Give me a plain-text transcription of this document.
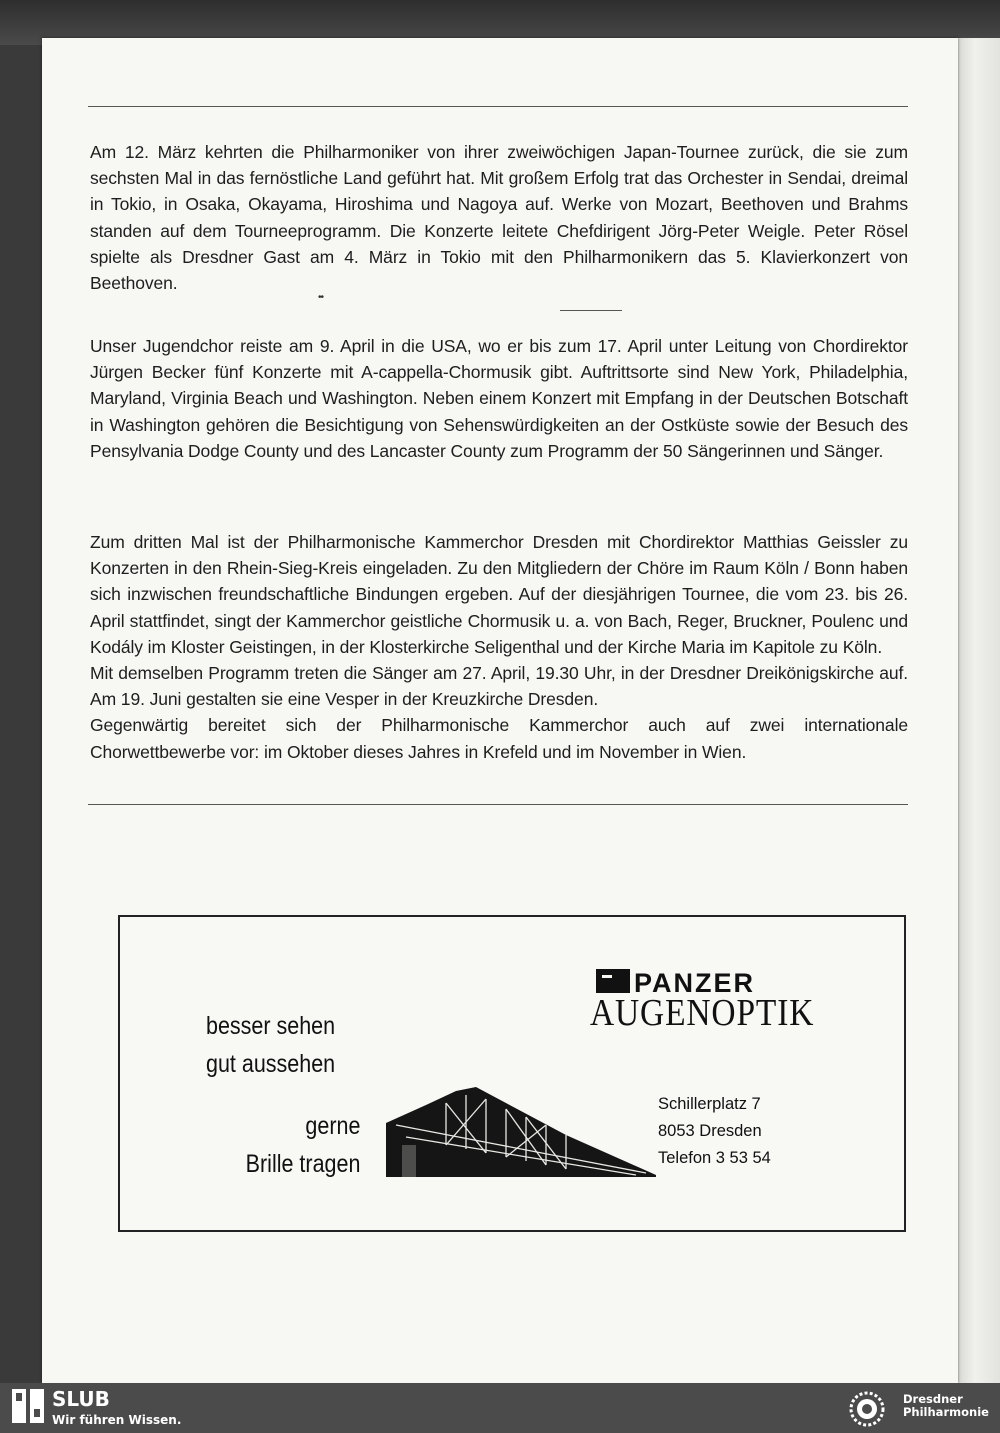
Am 12. März kehrten die Philharmoniker von ihrer zweiwöchigen Japan-Tournee zurück, die sie zum sechsten Mal in das fernöstliche Land geführt hat. Mit großem Erfolg trat das Orchester in Sendai, dreimal in Tokio, in Osaka, Okayama, Hiroshima und Nagoya auf. Werke von Mozart, Beethoven und Brahms standen auf dem Tourneeprogramm. Die Konzerte leitete Chefdirigent Jörg-Peter Weigle. Peter Rösel spielte als Dresdner Gast am 4. März in Tokio mit den Philharmonikern das 5. Klavierkonzert von Beethoven.

••

Unser Jugendchor reiste am 9. April in die USA, wo er bis zum 17. April unter Leitung von Chordirektor Jürgen Becker fünf Konzerte mit A-cappella-Chormusik gibt. Auftrittsorte sind New York, Philadelphia, Maryland, Virginia Beach und Washington. Neben einem Konzert mit Empfang in der Deutschen Botschaft in Washington gehören die Besichtigung von Sehenswürdigkeiten an der Ostküste sowie der Besuch des Pensylvania Dodge County und des Lancaster County zum Programm der 50 Sängerinnen und Sänger.

Zum dritten Mal ist der Philharmonische Kammerchor Dresden mit Chordirektor Matthias Geissler zu Konzerten in den Rhein-Sieg-Kreis eingeladen. Zu den Mitgliedern der Chöre im Raum Köln / Bonn haben sich inzwischen freundschaftliche Bindungen ergeben. Auf der diesjährigen Tournee, die vom 23. bis 26. April stattfindet, singt der Kammerchor geistliche Chormusik u. a. von Bach, Reger, Bruckner, Poulenc und Kodály im Kloster Geistingen, in der Klosterkirche Seligenthal und der Kirche Maria im Kapitole zu Köln.

Mit demselben Programm treten die Sänger am 27. April, 19.30 Uhr, in der Dresdner Dreikönigskirche auf. Am 19. Juni gestalten sie eine Vesper in der Kreuzkirche Dresden.

Gegenwärtig bereitet sich der Philharmonische Kammerchor auch auf zwei internationale Chorwettbewerbe vor: im Oktober dieses Jahres in Krefeld und im November in Wien.

besser sehen
gut aussehen
gerne
Brille tragen
PANZER
AUGENOPTIK
Schillerplatz 7
8053 Dresden
Telefon 3 53 54
SLUB
Wir führen Wissen.
Dresdner
Philharmonie
